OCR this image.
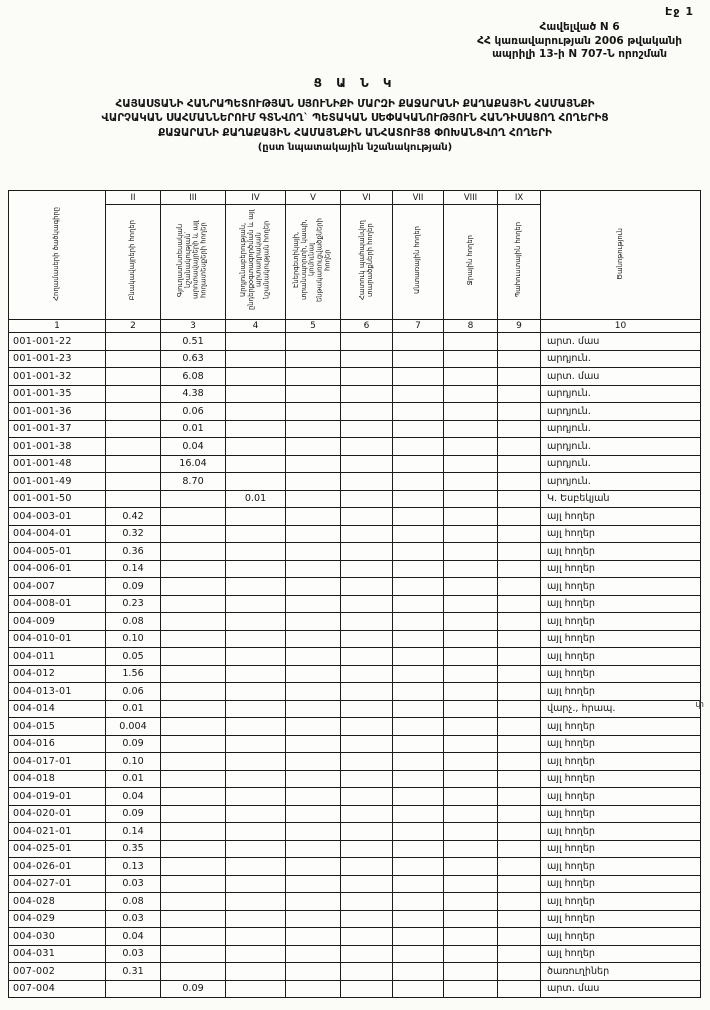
Էջ 1
Հավելված N 6
ՀՀ կառավարության 2006 թվականի
ապրիլի 13-ի N 707-Ն որոշման
Ց Ա Ն Կ
ՀԱՅԱՍՏԱՆԻ ՀԱՆՐԱՊԵՏՈՒԹՅԱՆ ՍՅՈՒՆԻՔԻ ՄԱՐԶԻ ՔԱՋԱՐԱՆԻ ՔԱՂԱՔԱՅԻՆ ՀԱՄԱՅՆՔԻ
ՎԱՐՉԱԿԱՆ ՍԱՀՄԱՆՆԵՐՈՒՄ ԳՏՆՎՈՂ` ՊԵՏԱԿԱՆ ՍԵՓԱԿԱՆՈՒԹՅՈՒՆ ՀԱՆԴԻՍԱՑՈՂ ՀՈՂԵՐԻՑ
ՔԱՋԱՐԱՆԻ ՔԱՂԱՔԱՅԻՆ ՀԱՄԱՅՆՔԻՆ ԱՆՀԱՏՈՒՅՑ ՓՈԽԱՆՑՎՈՂ ՀՈՂԵՐԻ
(ըստ նպատակային նշանակության)
Հողամասերի ծածկագիրը	II	III	IV	V	VI	VII	VIII	IX	Ծանոթություն
	Բնակավայրերի հողեր	Գյուղատնտեսական նշանակության՝ արոտավայրերի և այլ հողատեսքերի հողեր	Արդյունաբերության, ընդերքօգտագործման և այլ արտադրական նշանակության հողեր	Էներգետիկայի, տրանսպորտի, կապի, կոմունալ ենթակառուցվածքների հողեր	Հատուկ պահպանվող տարածքների հողեր	Անտառային հողեր	Ջրային հողեր	Պահուստային հողեր	
1	2	3	4	5	6	7	8	9	10
001-001-22		0.51							արտ. մաս
001-001-23		0.63							արդյուն.
001-001-32		6.08							արտ. մաս
001-001-35		4.38							արդյուն.
001-001-36		0.06							արդյուն.
001-001-37		0.01							արդյուն.
001-001-38		0.04							արդյուն.
001-001-48		16.04							արդյուն.
001-001-49		8.70							արդյուն.
001-001-50			0.01						Կ. Եսբեկյան
004-003-01	0.42								այլ հողեր
004-004-01	0.32								այլ հողեր
004-005-01	0.36								այլ հողեր
004-006-01	0.14								այլ հողեր
004-007	0.09								այլ հողեր
004-008-01	0.23								այլ հողեր
004-009	0.08								այլ հողեր
004-010-01	0.10								այլ հողեր
004-011	0.05								այլ հողեր
004-012	1.56								այլ հողեր
004-013-01	0.06								այլ հողեր
004-014	0.01								վարչ., հրապ.
004-015	0.004								այլ հողեր
004-016	0.09								այլ հողեր
004-017-01	0.10								այլ հողեր
004-018	0.01								այլ հողեր
004-019-01	0.04								այլ հողեր
004-020-01	0.09								այլ հողեր
004-021-01	0.14								այլ հողեր
004-025-01	0.35								այլ հողեր
004-026-01	0.13								այլ հողեր
004-027-01	0.03								այլ հողեր
004-028	0.08								այլ հողեր
004-029	0.03								այլ հողեր
004-030	0.04								այլ հողեր
004-031	0.03								այլ հողեր
007-002	0.31								ծառուղիներ
007-004		0.09							արտ. մաս
փ
